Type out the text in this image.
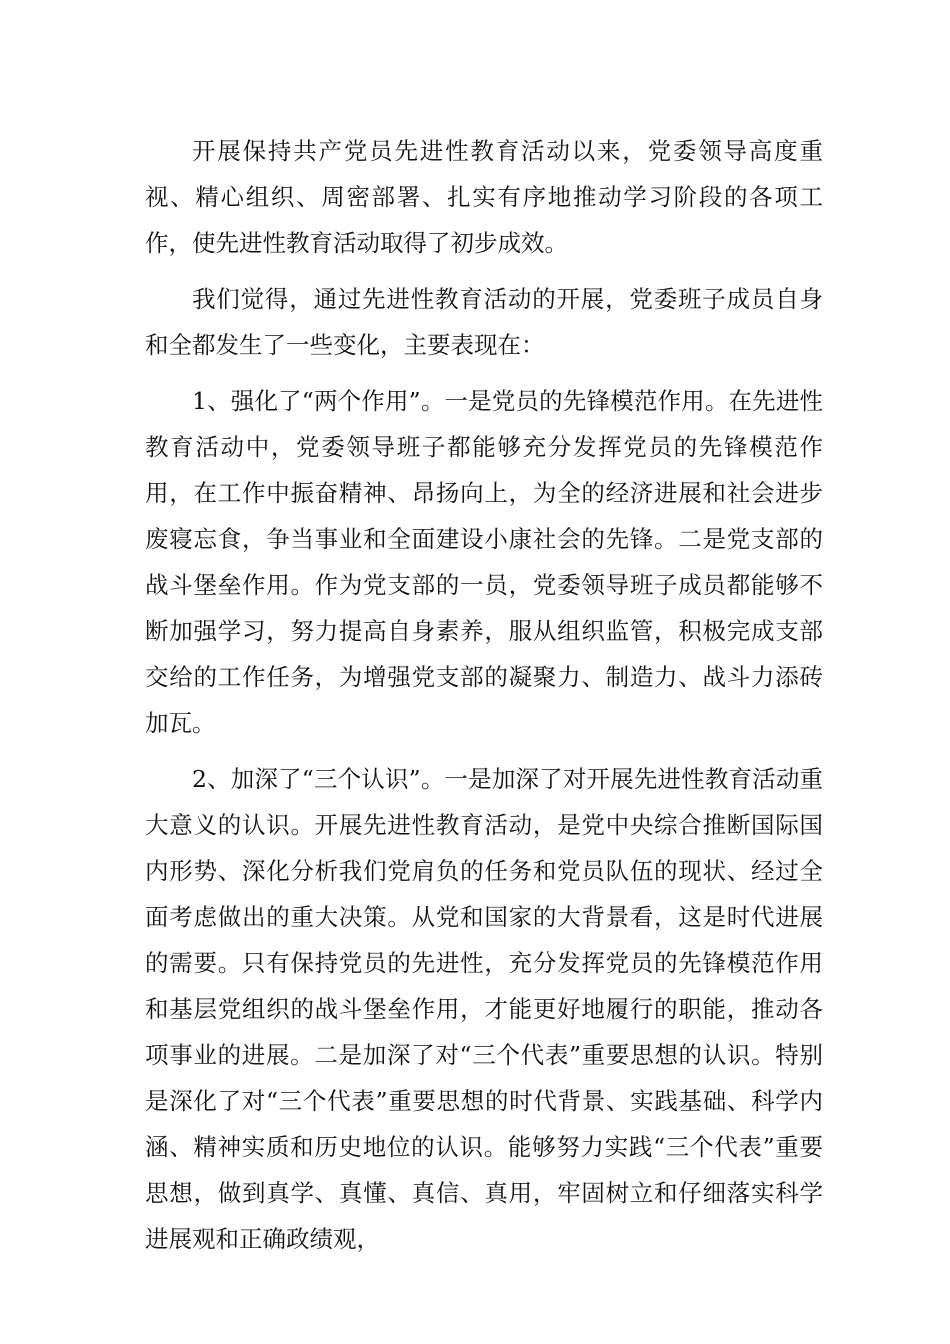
开展保持共产党员先进性教育活动以来，党委领导高度重视、精心组织、周密部署、扎实有序地推动学习阶段的各项工作，使先进性教育活动取得了初步成效。

我们觉得，通过先进性教育活动的开展，党委班子成员自身和全都发生了一些变化，主要表现在：

1、强化了“两个作用”。一是党员的先锋模范作用。在先进性教育活动中，党委领导班子都能够充分发挥党员的先锋模范作用，在工作中振奋精神、昂扬向上，为全的经济进展和社会进步废寝忘食，争当事业和全面建设小康社会的先锋。二是党支部的战斗堡垒作用。作为党支部的一员，党委领导班子成员都能够不断加强学习，努力提高自身素养，服从组织监管，积极完成支部交给的工作任务，为增强党支部的凝聚力、制造力、战斗力添砖加瓦。

2、加深了“三个认识”。一是加深了对开展先进性教育活动重大意义的认识。开展先进性教育活动，是党中央综合推断国际国内形势、深化分析我们党肩负的任务和党员队伍的现状、经过全面考虑做出的重大决策。从党和国家的大背景看，这是时代进展的需要。只有保持党员的先进性，充分发挥党员的先锋模范作用和基层党组织的战斗堡垒作用，才能更好地履行的职能，推动各项事业的进展。二是加深了对“三个代表”重要思想的认识。特别是深化了对“三个代表”重要思想的时代背景、实践基础、科学内涵、精神实质和历史地位的认识。能够努力实践“三个代表”重要思想，做到真学、真懂、真信、真用，牢固树立和仔细落实科学进展观和正确政绩观，
